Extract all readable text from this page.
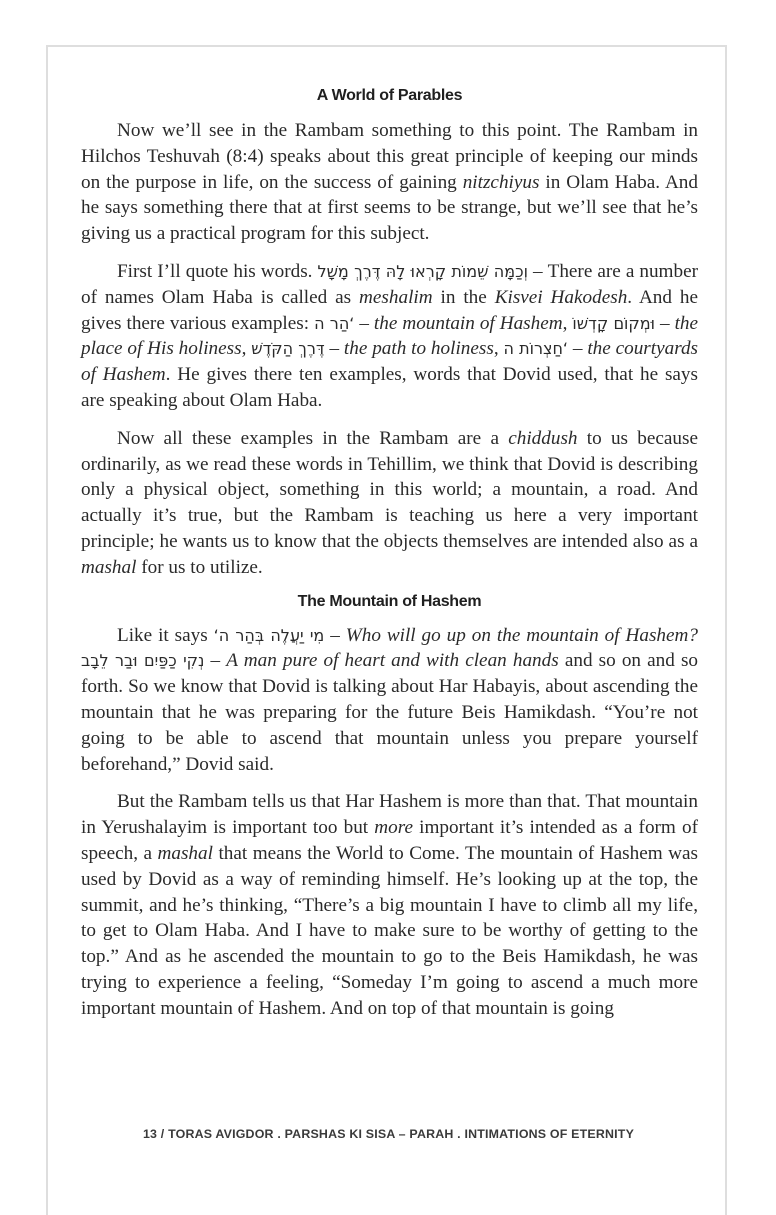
A World of Parables

Now we’ll see in the Rambam something to this point. The Rambam in Hilchos Teshuvah (8:4) speaks about this great principle of keeping our minds on the purpose in life, on the success of gaining nitzchiyus in Olam Haba. And he says something there that at first seems to be strange, but we’ll see that he’s giving us a practical program for this subject.

First I’ll quote his words. וְכַמָּה שֵׁמוֹת קָרְאוּ לָהּ דֶּרֶךְ מָשָׁל – There are a number of names Olam Haba is called as meshalim in the Kisvei Hakodesh. And he gives there various examples: ‘הַר ה – the mountain of Hashem, וּמְקוֹם קָדְשׁוֹ – the place of His holiness, דֶּרֶךְ הַקֹּדֶשׁ – the path to holiness, ‘חַצְרוֹת ה – the courtyards of Hashem. He gives there ten examples, words that Dovid used, that he says are speaking about Olam Haba.

Now all these examples in the Rambam are a chiddush to us because ordinarily, as we read these words in Tehillim, we think that Dovid is describing only a physical object, something in this world; a mountain, a road. And actually it’s true, but the Rambam is teaching us here a very important principle; he wants us to know that the objects themselves are intended also as a mashal for us to utilize.

The Mountain of Hashem

Like it says מִי יַעֲלֶה בְּהַר ה‘ – Who will go up on the mountain of Hashem? נְקִי כַפַּיִם וּבַר לֵבָב – A man pure of heart and with clean hands and so on and so forth. So we know that Dovid is talking about Har Habayis, about ascending the mountain that he was preparing for the future Beis Hamikdash. “You’re not going to be able to ascend that mountain unless you prepare yourself beforehand,” Dovid said.

But the Rambam tells us that Har Hashem is more than that. That mountain in Yerushalayim is important too but more important it’s intended as a form of speech, a mashal that means the World to Come. The mountain of Hashem was used by Dovid as a way of reminding himself. He’s looking up at the top, the summit, and he’s thinking, “There’s a big mountain I have to climb all my life, to get to Olam Haba. And I have to make sure to be worthy of getting to the top.” And as he ascended the mountain to go to the Beis Hamikdash, he was trying to experience a feeling, “Someday I’m going to ascend a much more important mountain of Hashem. And on top of that mountain is going

13 / TORAS AVIGDOR . PARSHAS KI SISA – PARAH . INTIMATIONS OF ETERNITY
